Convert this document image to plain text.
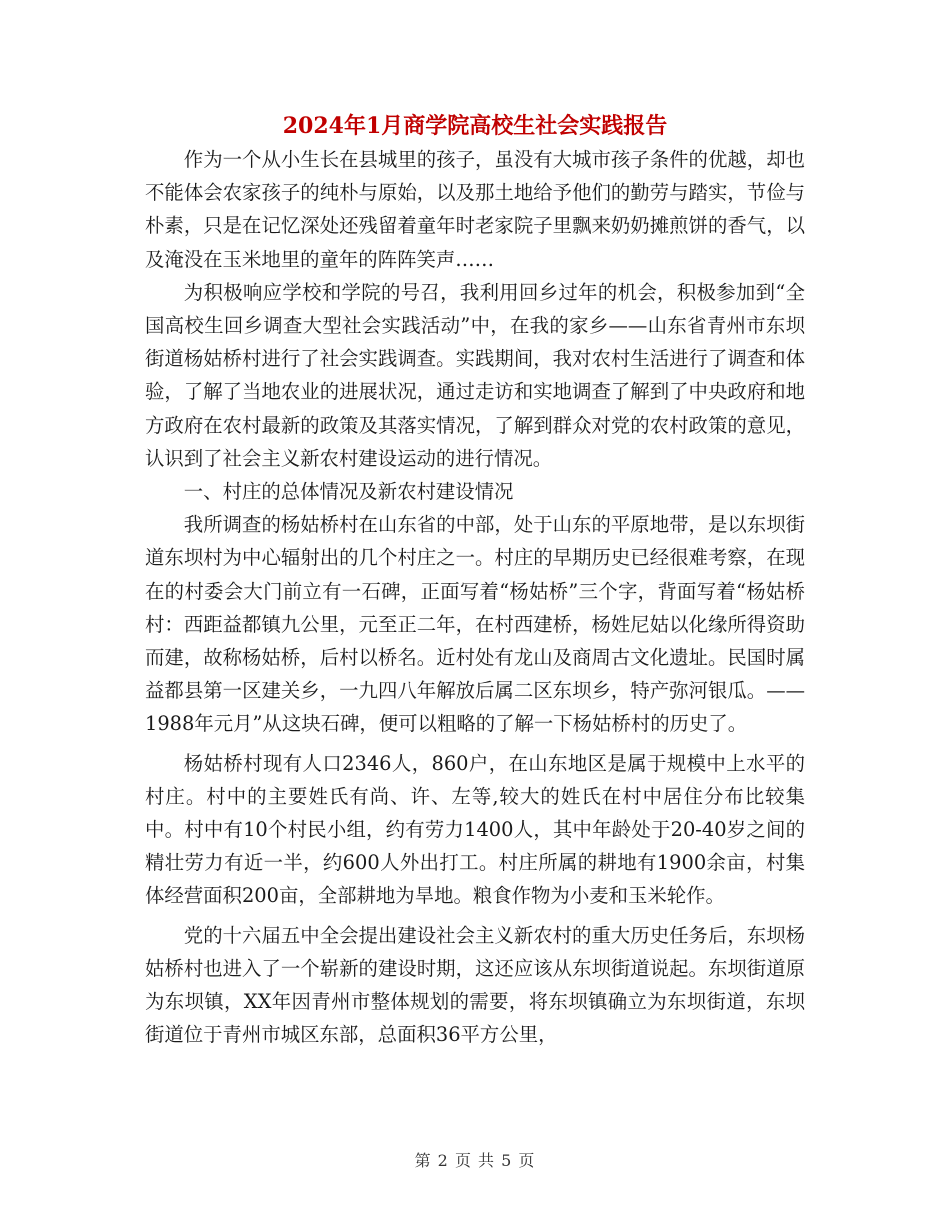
2024年1月商学院高校生社会实践报告

作为一个从小生长在县城里的孩子，虽没有大城市孩子条件的优越，却也不能体会农家孩子的纯朴与原始，以及那土地给予他们的勤劳与踏实，节俭与朴素，只是在记忆深处还残留着童年时老家院子里飘来奶奶摊煎饼的香气，以及淹没在玉米地里的童年的阵阵笑声……

为积极响应学校和学院的号召，我利用回乡过年的机会，积极参加到“全国高校生回乡调查大型社会实践活动”中，在我的家乡——山东省青州市东坝街道杨姑桥村进行了社会实践调查。实践期间，我对农村生活进行了调查和体验，了解了当地农业的进展状况，通过走访和实地调查了解到了中央政府和地方政府在农村最新的政策及其落实情况，了解到群众对党的农村政策的意见，认识到了社会主义新农村建设运动的进行情况。

一、村庄的总体情况及新农村建设情况

我所调查的杨姑桥村在山东省的中部，处于山东的平原地带，是以东坝街道东坝村为中心辐射出的几个村庄之一。村庄的早期历史已经很难考察，在现在的村委会大门前立有一石碑，正面写着“杨姑桥”三个字，背面写着“杨姑桥村：西距益都镇九公里，元至正二年，在村西建桥，杨姓尼姑以化缘所得资助而建，故称杨姑桥，后村以桥名。近村处有龙山及商周古文化遗址。民国时属益都县第一区建关乡，一九四八年解放后属二区东坝乡，特产弥河银瓜。——1988年元月”从这块石碑，便可以粗略的了解一下杨姑桥村的历史了。

杨姑桥村现有人口2346人，860户，在山东地区是属于规模中上水平的村庄。村中的主要姓氏有尚、许、左等,较大的姓氏在村中居住分布比较集中。村中有10个村民小组，约有劳力1400人，其中年龄处于20-40岁之间的精壮劳力有近一半，约600人外出打工。村庄所属的耕地有1900余亩，村集体经营面积200亩，全部耕地为旱地。粮食作物为小麦和玉米轮作。

党的十六届五中全会提出建设社会主义新农村的重大历史任务后，东坝杨姑桥村也进入了一个崭新的建设时期，这还应该从东坝街道说起。东坝街道原为东坝镇，XX年因青州市整体规划的需要，将东坝镇确立为东坝街道，东坝街道位于青州市城区东部，总面积36平方公里，

第 2 页 共 5 页
